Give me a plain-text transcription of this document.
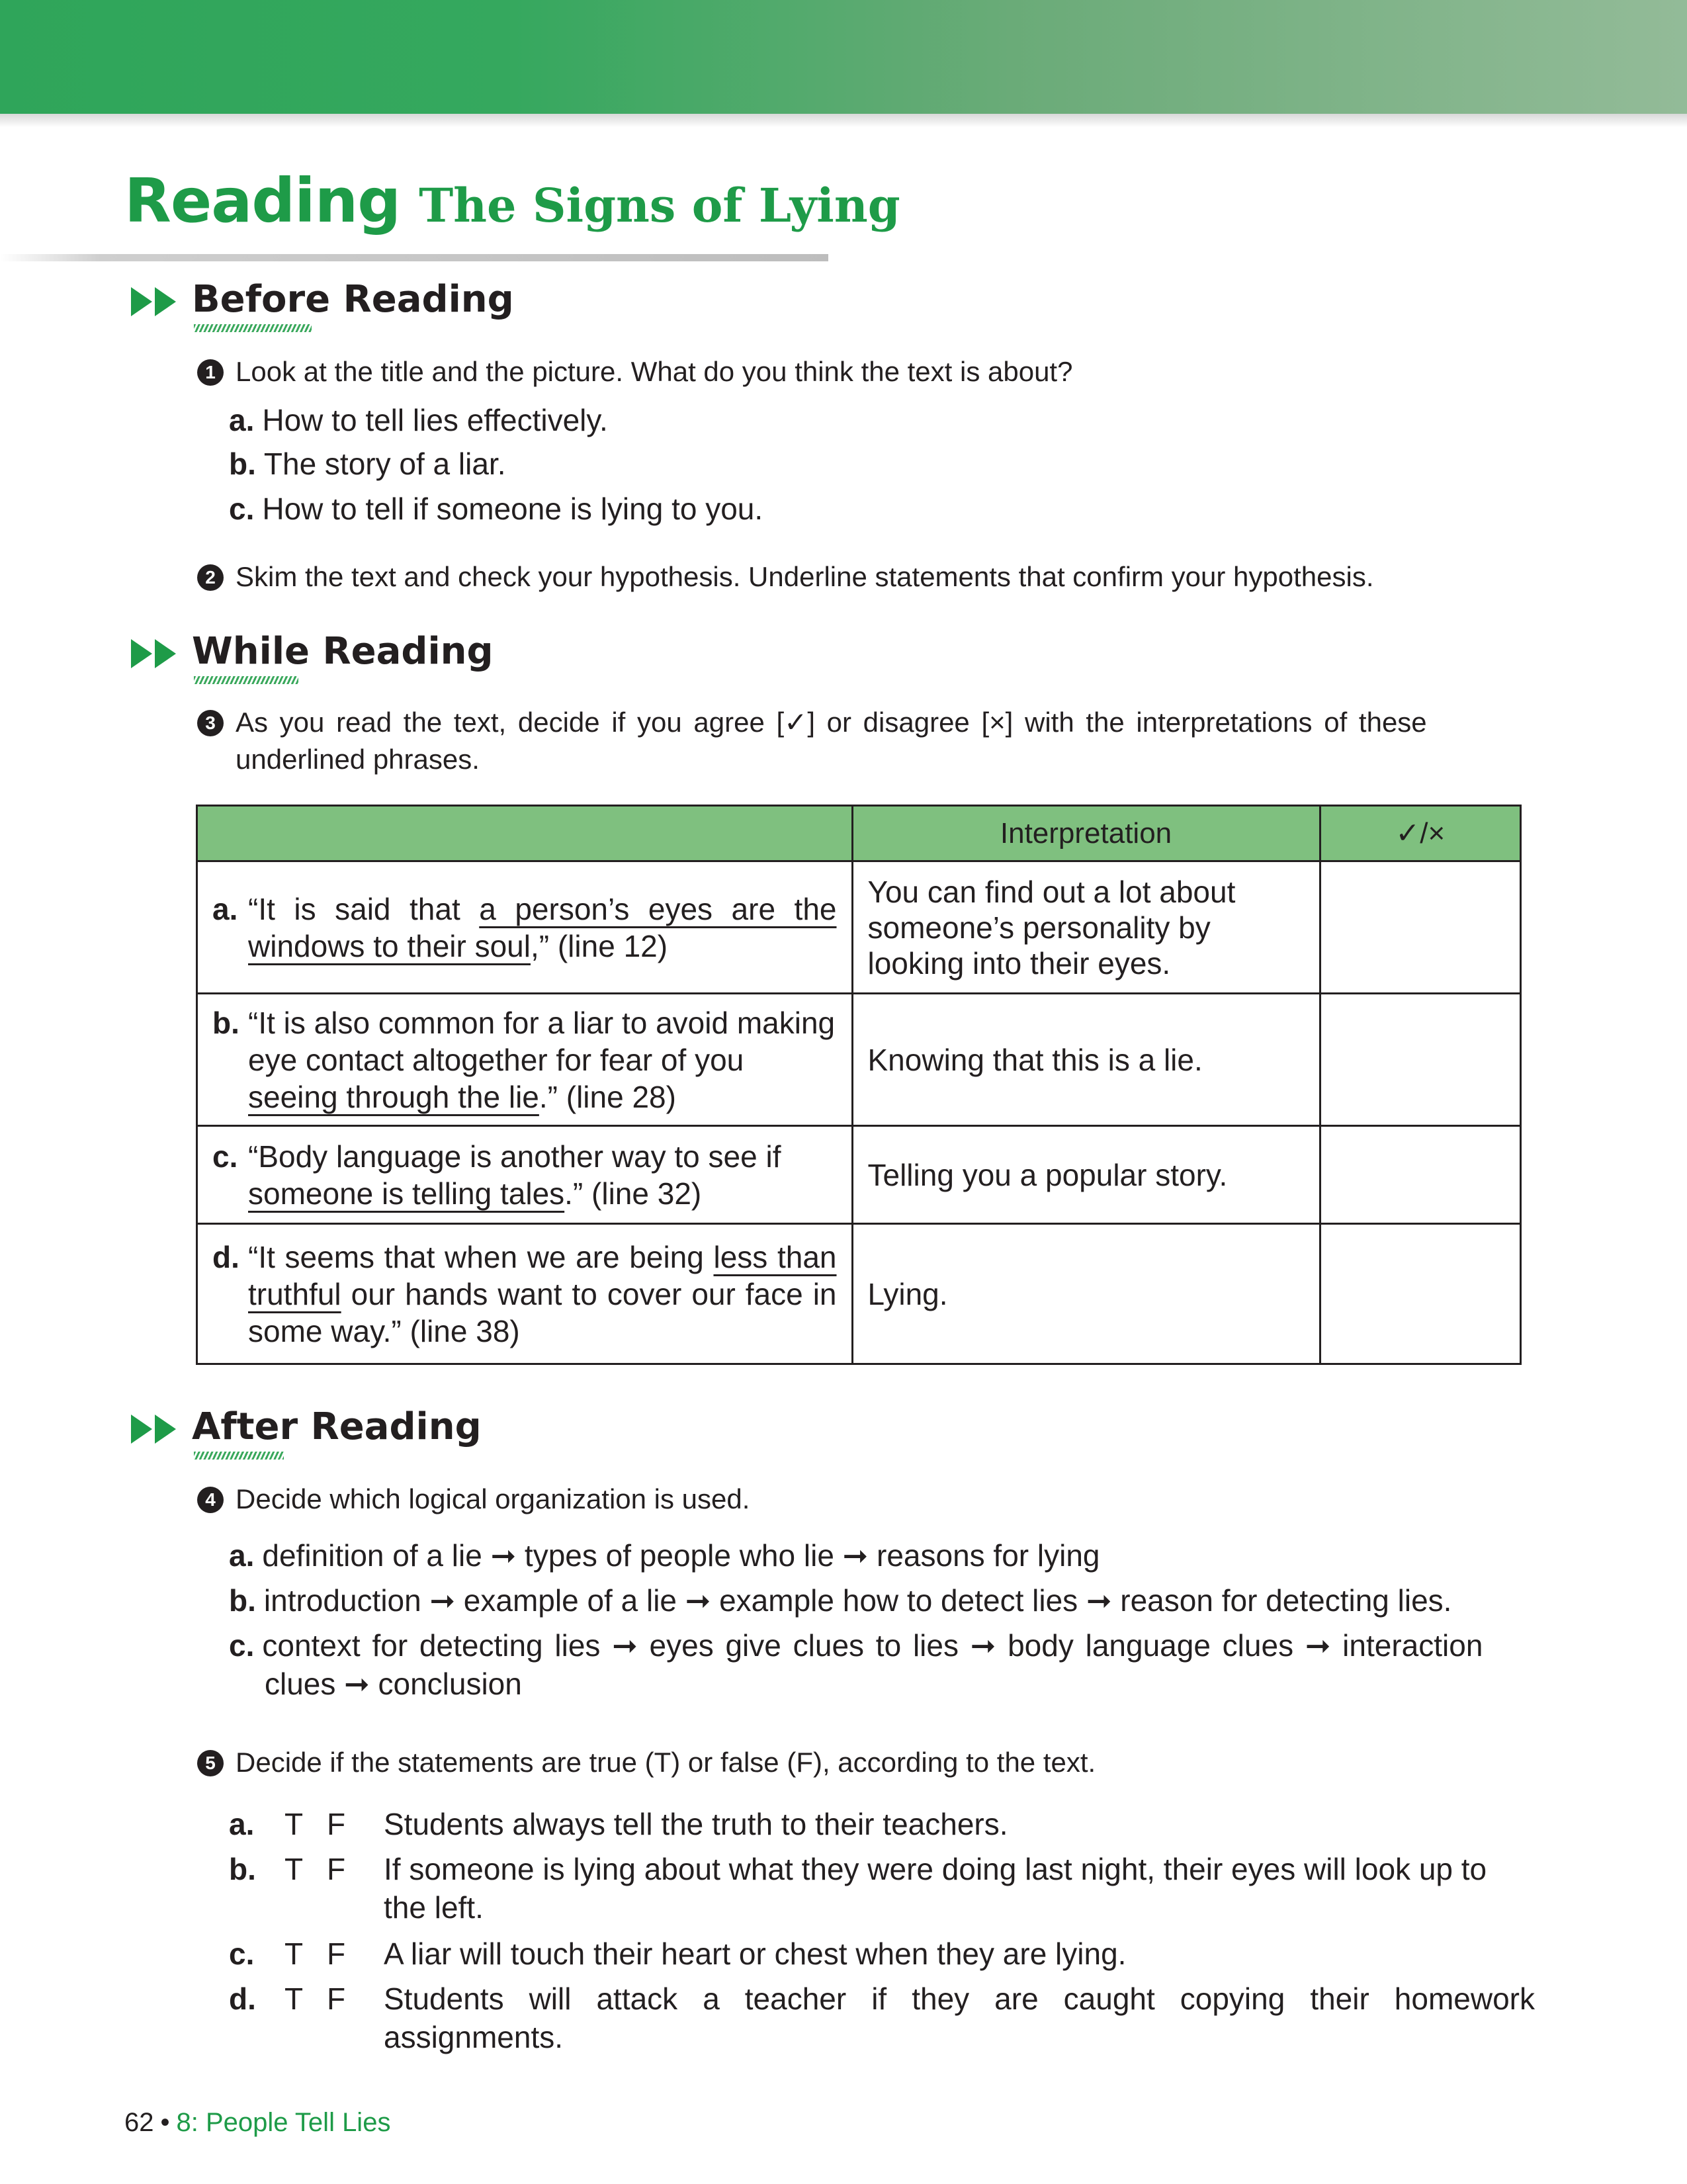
Reading The Signs of Lying
Before Reading
1 Look at the title and the picture. What do you think the text is about?
a. How to tell lies effectively.
b. The story of a liar.
c. How to tell if someone is lying to you.
2 Skim the text and check your hypothesis. Underline statements that confirm your hypothesis.
While Reading
3 As you read the text, decide if you agree [✓] or disagree [×] with the interpretations of these
underlined phrases.
	Interpretation	✓/×

a. “It is said that a person’s eyes are the windows to their soul,” (line 12)	You can find out a lot about someone’s personality by looking into their eyes.	

b. “It is also common for a liar to avoid making eye contact altogether for fear of you seeing through the lie.” (line 28)	Knowing that this is a lie.	

c. “Body language is another way to see if someone is telling tales.” (line 32)	Telling you a popular story.	

d. “It seems that when we are being less than truthful our hands want to cover our face in some way.” (line 38)	Lying.	
After Reading
4 Decide which logical organization is used.
a. definition of a lie ➞ types of people who lie ➞ reasons for lying
b. introduction ➞ example of a lie ➞ example how to detect lies ➞ reason for detecting lies.
c. context for detecting lies ➞ eyes give clues to lies ➞ body language clues ➞ interaction
clues ➞ conclusion
5 Decide if the statements are true (T) or false (F), according to the text.
a. T F Students always tell the truth to their teachers.
b. T F If someone is lying about what they were doing last night, their eyes will look up to the left.
c. T F A liar will touch their heart or chest when they are lying.
d. T F Students will attack a teacher if they are caught copying their homework assignments.
62 • 8: People Tell Lies
